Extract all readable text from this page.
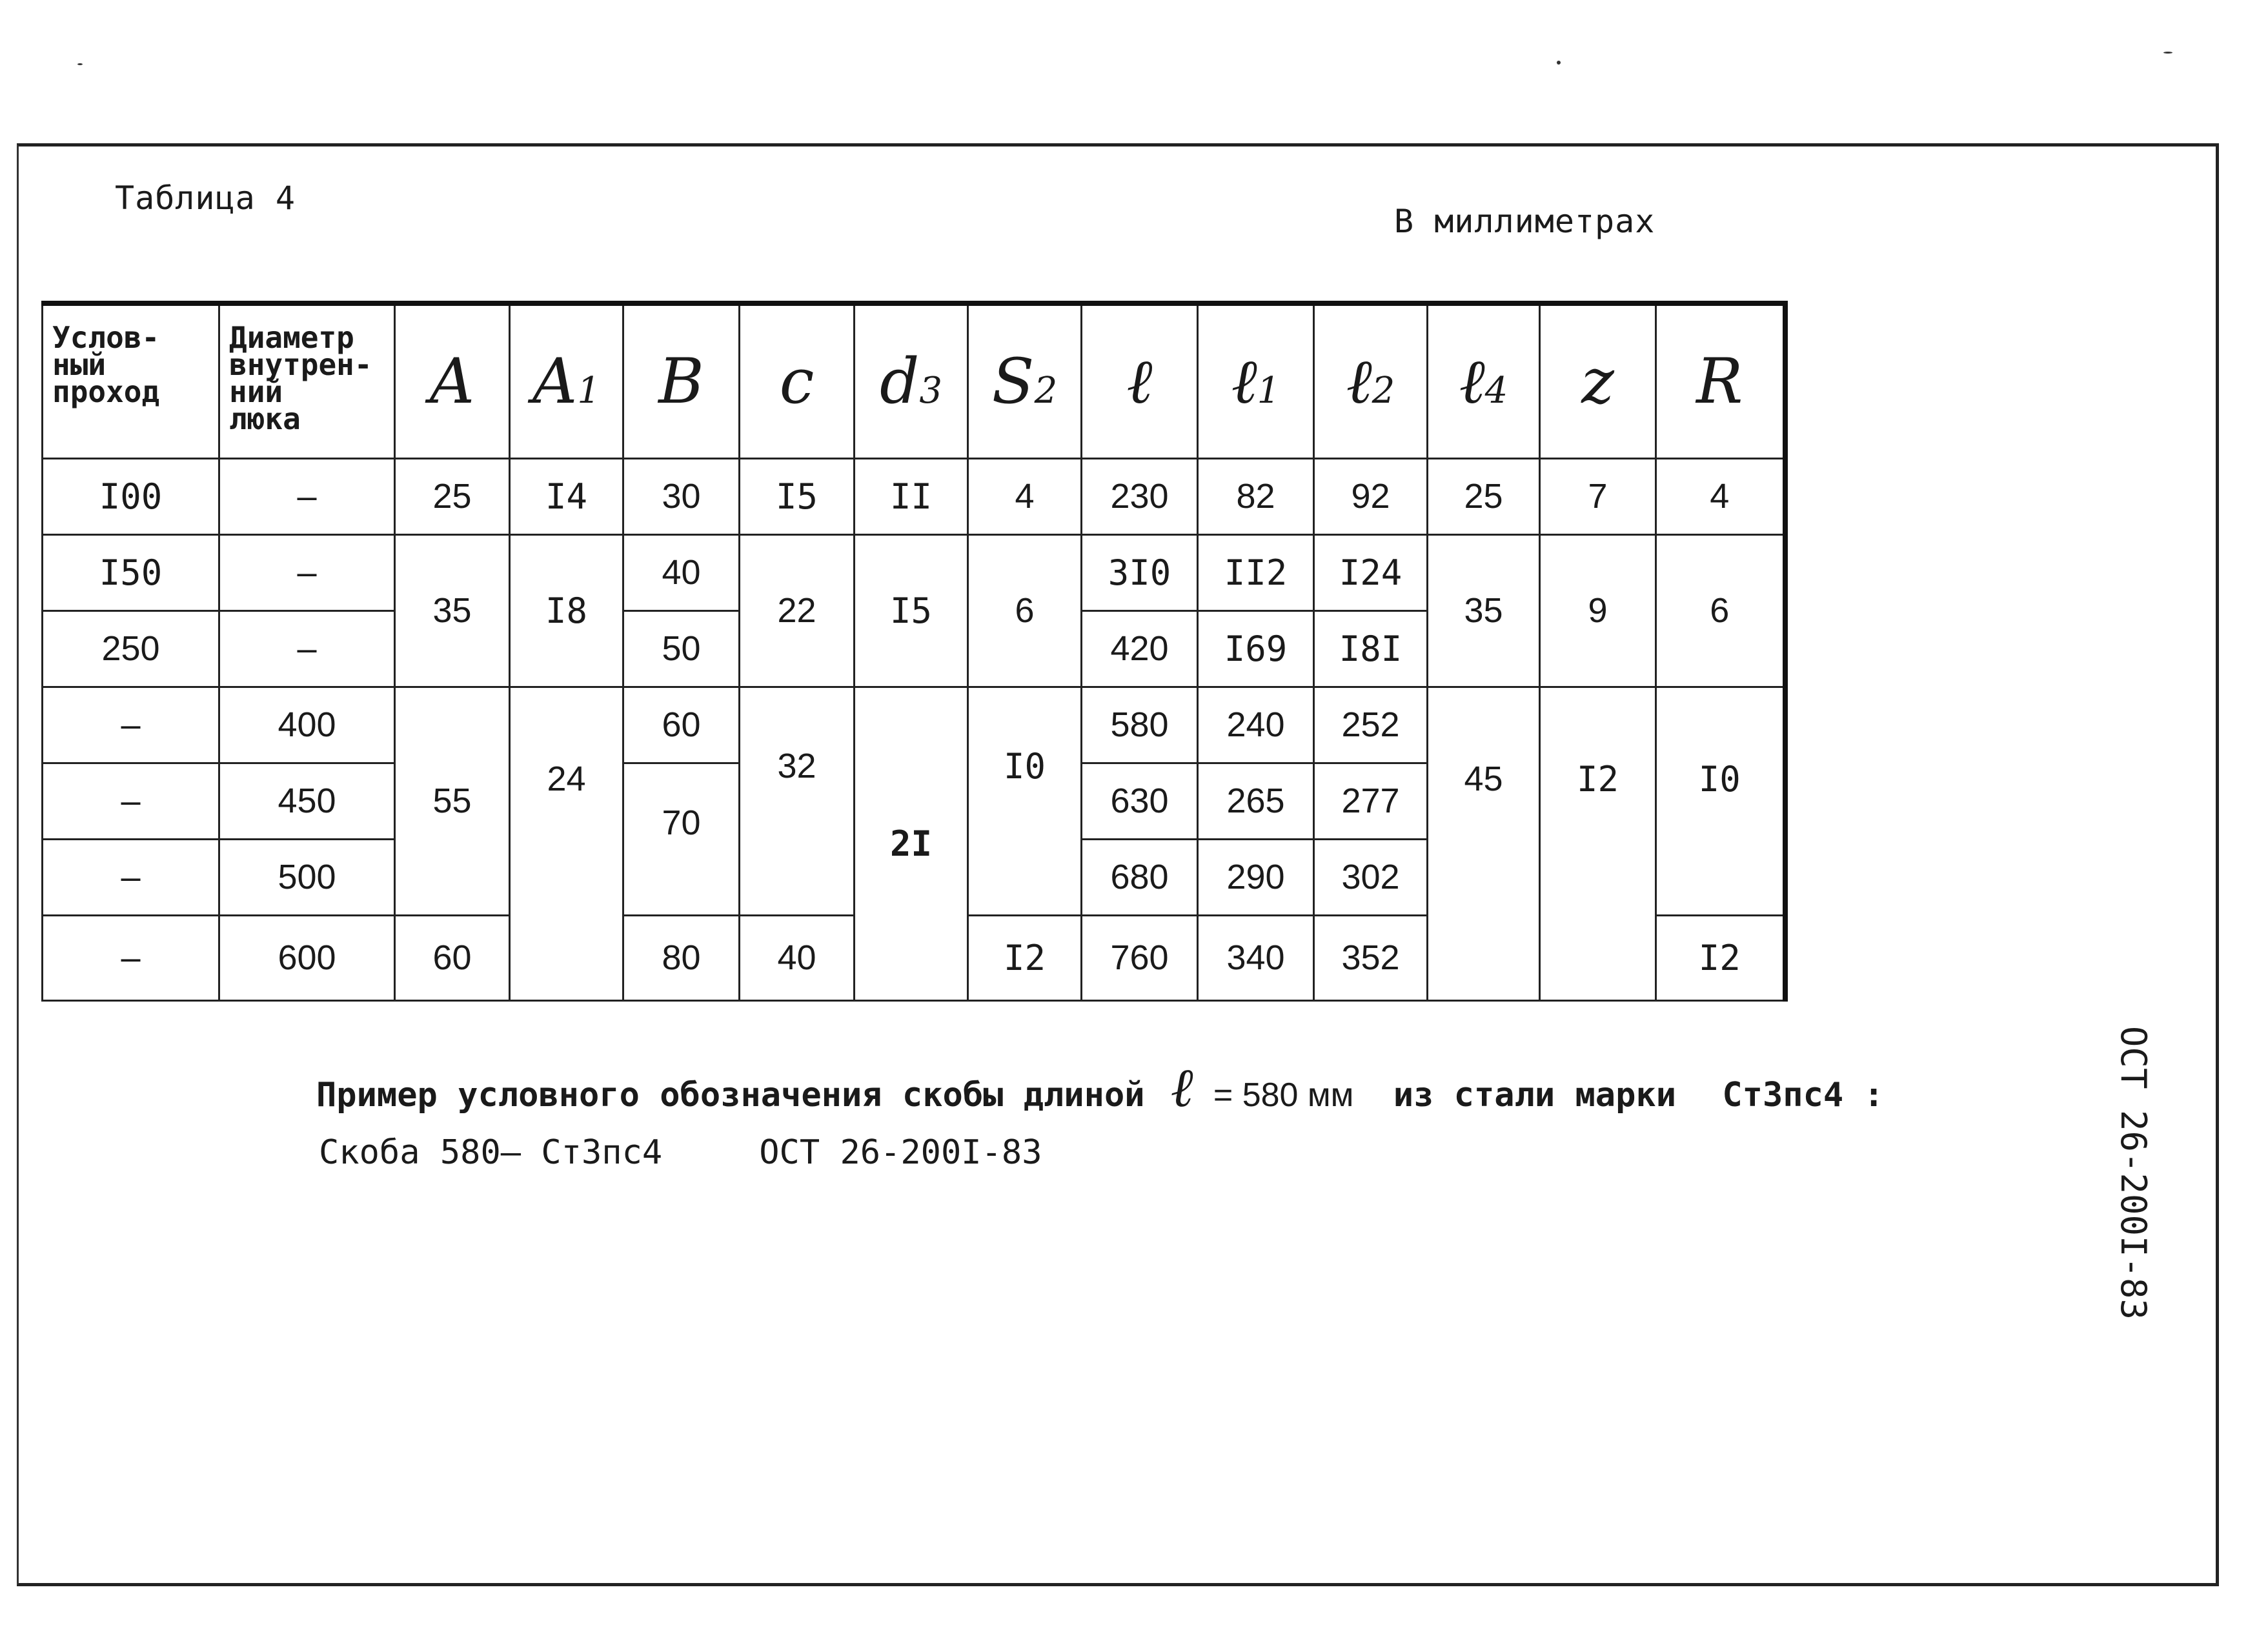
Таблица 4
В миллиметрах
Услов-
ный
проход	Диаметр
внутрен-
ний
люка	A	A1	B	c	d3	S2	ℓ	ℓ1	ℓ2	ℓ4	z	R
I00	–	25	I4	30	I5	II	4	230	82	92	25	7	4
I50	–	35	I8	40	22	I5	6	3I0	II2	I24	35	9	6
250	–			50				420	I69	I8I			
–	400	55	24	60	32	2I	I0	580	240	252	45	I2	I0
–	450			70				630	265	277			
–	500							680	290	302			
–	600	60		80	40		I2	760	340	352			I2
Пример условного обозначения скобы длиной ℓ = 580 мм из стали марки Ст3пс4 :
Скоба 580– Ст3пс4	ОСТ 26-200I-83	ОСТ 26-200I-83
